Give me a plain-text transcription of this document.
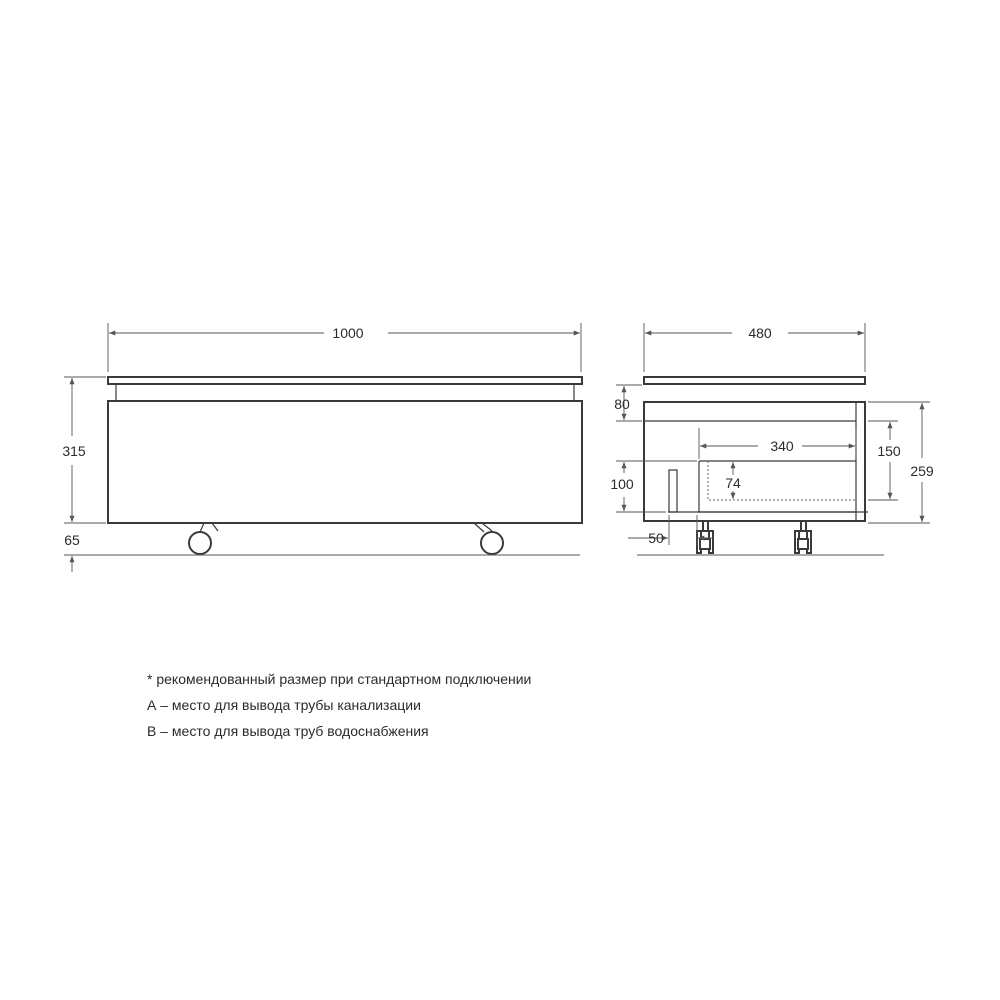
1000
315
65
480
80
340	150
259
100	74
50
* рекомендованный размер при стандартном подключении
А – место для вывода трубы канализации
В – место для вывода труб водоснабжения
